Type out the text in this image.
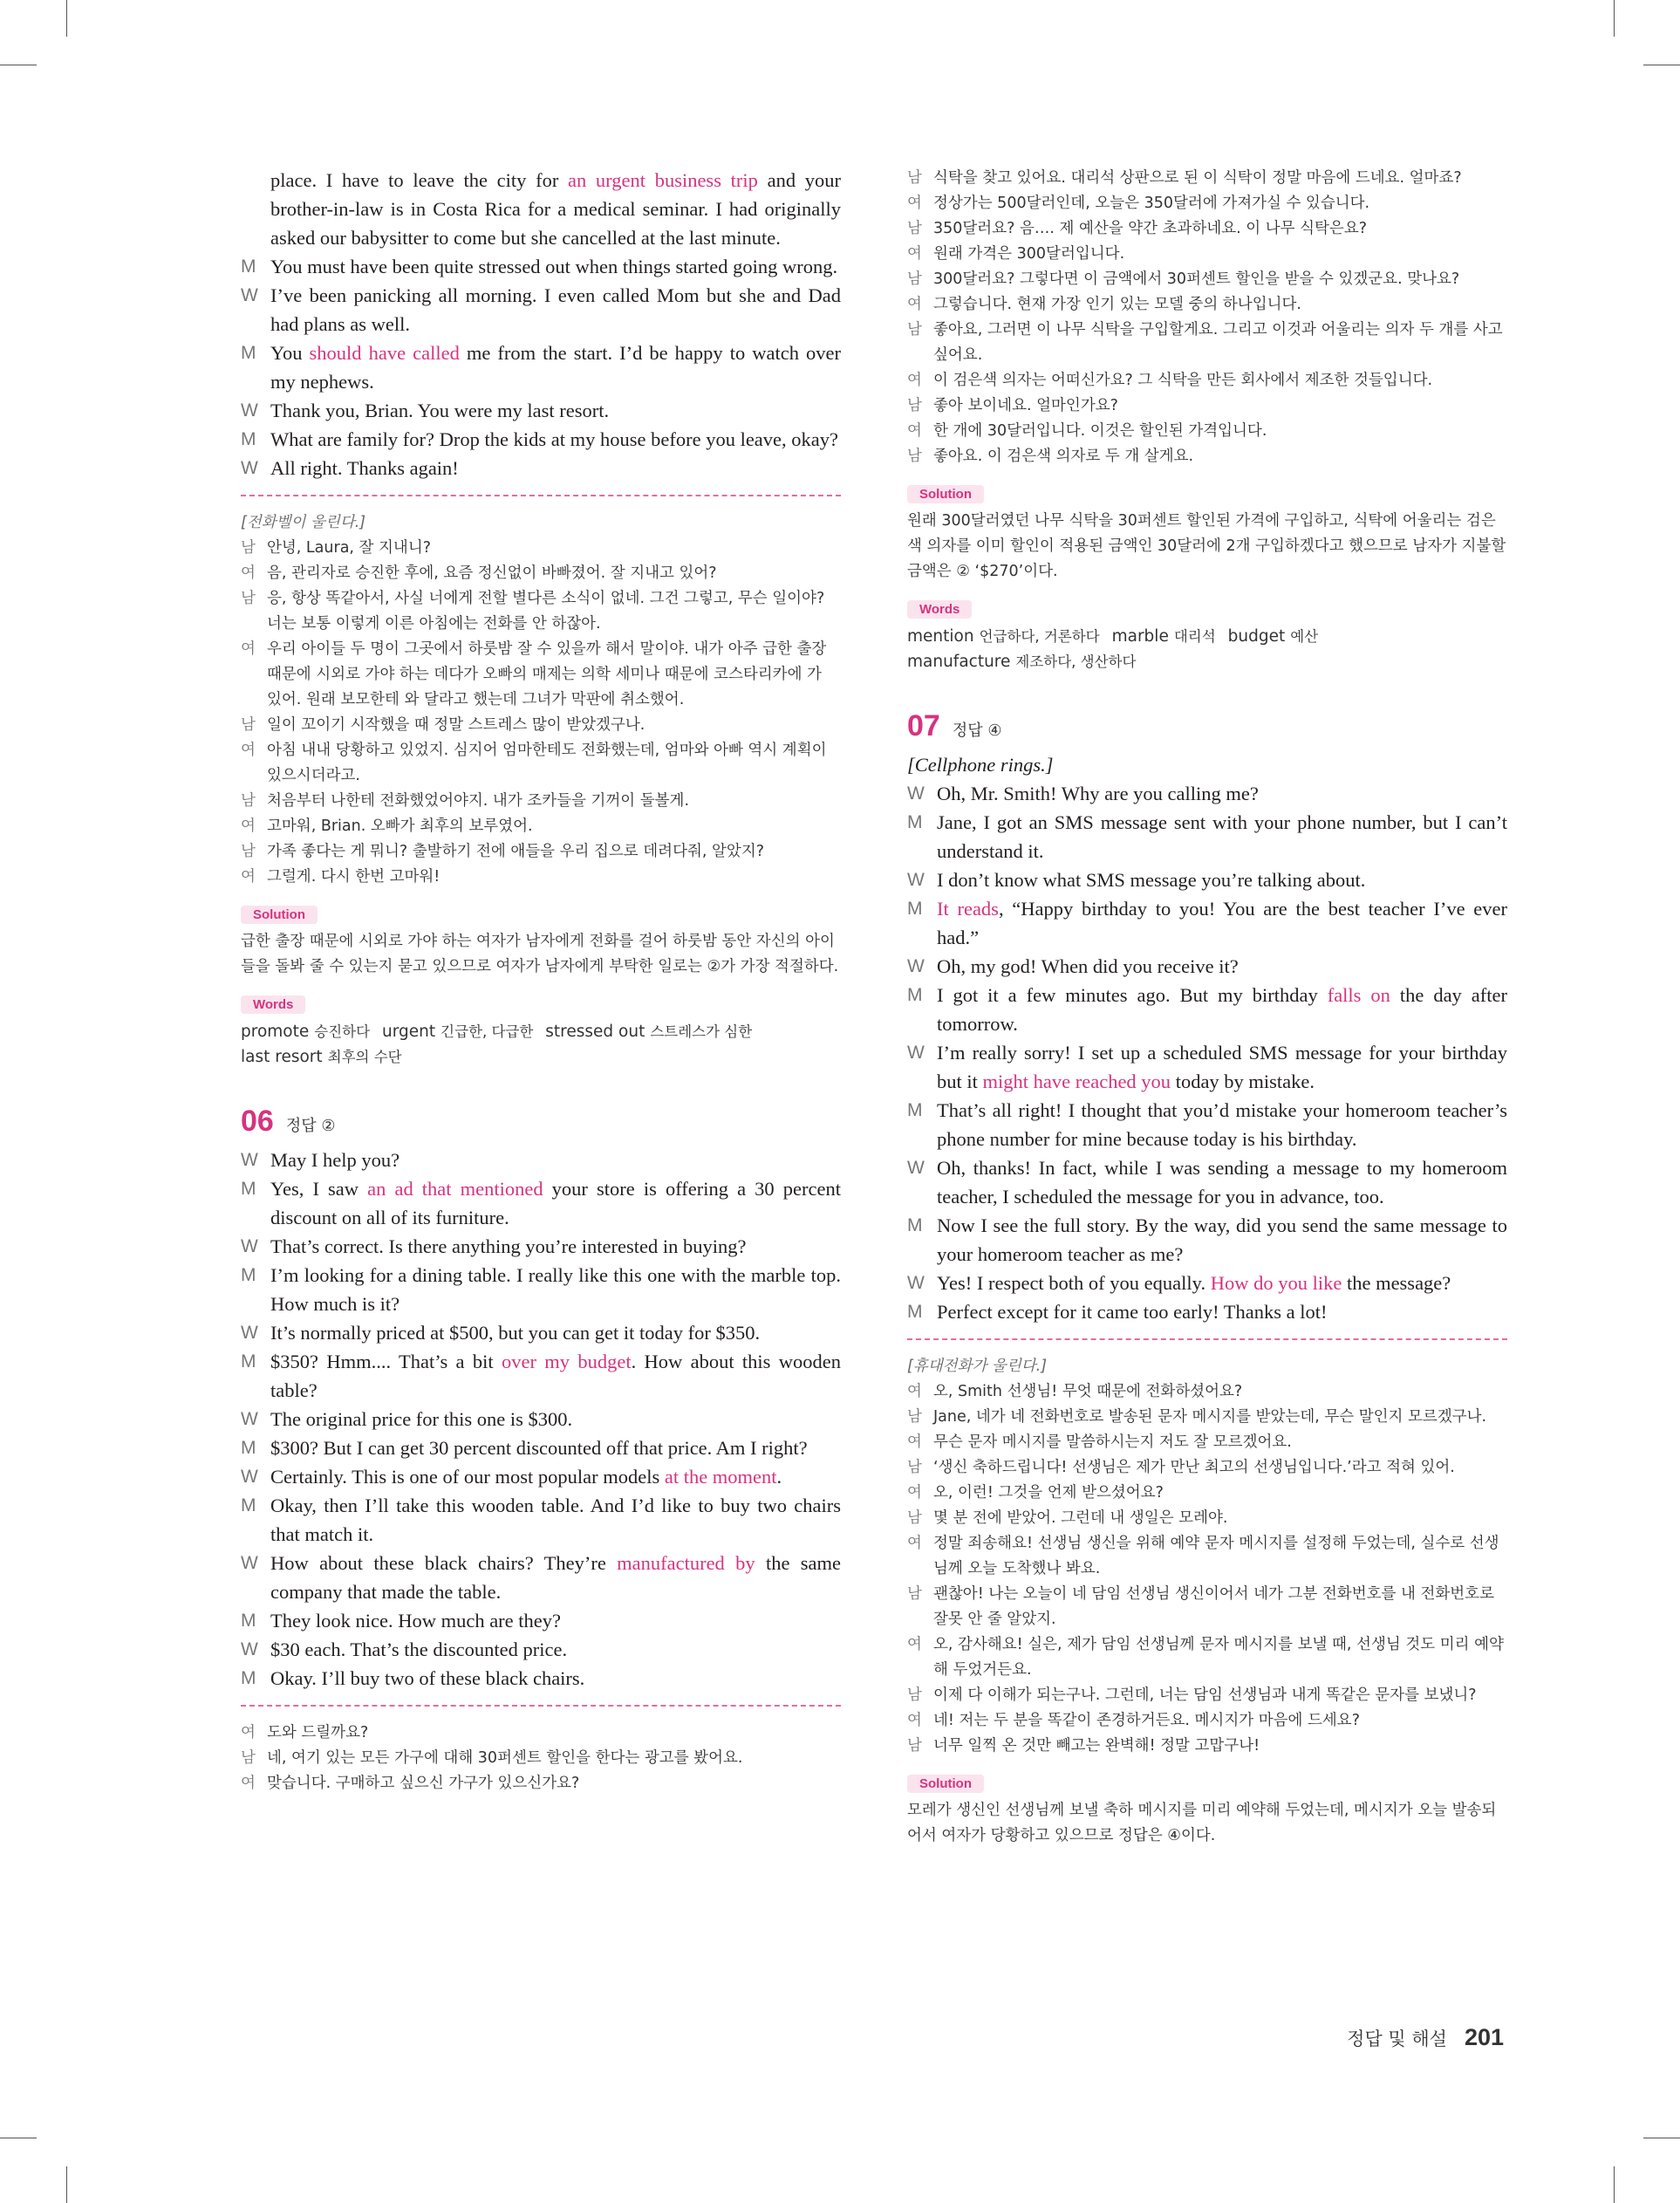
place. I have to leave the city for an urgent business trip and your brother-in-law is in Costa Rica for a medical seminar. I had originally asked our babysitter to come but she cancelled at the last minute.
M You must have been quite stressed out when things started going wrong.
W I’ve been panicking all morning. I even called Mom but she and Dad had plans as well.
M You should have called me from the start. I’d be happy to watch over my nephews.
W Thank you, Brian. You were my last resort.
M What are family for? Drop the kids at my house before you leave, okay?
W All right. Thanks again!
[전화벨이 울린다.]
남 안녕, Laura, 잘 지내니?
여 음, 관리자로 승진한 후에, 요즘 정신없이 바빠졌어. 잘 지내고 있어?
남 응, 항상 똑같아서, 사실 너에게 전할 별다른 소식이 없네. 그건 그렇고, 무슨 일이야? 너는 보통 이렇게 이른 아침에는 전화를 안 하잖아.
여 우리 아이들 두 명이 그곳에서 하룻밤 잘 수 있을까 해서 말이야. 내가 아주 급한 출장 때문에 시외로 가야 하는 데다가 오빠의 매제는 의학 세미나 때문에 코스타리카에 가 있어. 원래 보모한테 와 달라고 했는데 그녀가 막판에 취소했어.
남 일이 꼬이기 시작했을 때 정말 스트레스 많이 받았겠구나.
여 아침 내내 당황하고 있었지. 심지어 엄마한테도 전화했는데, 엄마와 아빠 역시 계획이 있으시더라고.
남 처음부터 나한테 전화했었어야지. 내가 조카들을 기꺼이 돌볼게.
여 고마워, Brian. 오빠가 최후의 보루였어.
남 가족 좋다는 게 뭐니? 출발하기 전에 애들을 우리 집으로 데려다줘, 알았지?
여 그럴게. 다시 한번 고마워!
Solution
급한 출장 때문에 시외로 가야 하는 여자가 남자에게 전화를 걸어 하룻밤 동안 자신의 아이들을 돌봐 줄 수 있는지 묻고 있으므로 여자가 남자에게 부탁한 일로는 ②가 가장 적절하다.
Words
promote 승진하다 urgent 긴급한, 다급한 stressed out 스트레스가 심한
last resort 최후의 수단
06 정답 ②
W May I help you?
M Yes, I saw an ad that mentioned your store is offering a 30 percent discount on all of its furniture.
W That’s correct. Is there anything you’re interested in buying?
M I’m looking for a dining table. I really like this one with the marble top. How much is it?
W It’s normally priced at $500, but you can get it today for $350.
M $350? Hmm.... That’s a bit over my budget. How about this wooden table?
W The original price for this one is $300.
M $300? But I can get 30 percent discounted off that price. Am I right?
W Certainly. This is one of our most popular models at the moment.
M Okay, then I’ll take this wooden table. And I’d like to buy two chairs that match it.
W How about these black chairs? They’re manufactured by the same company that made the table.
M They look nice. How much are they?
W $30 each. That’s the discounted price.
M Okay. I’ll buy two of these black chairs.
여 도와 드릴까요?
남 네, 여기 있는 모든 가구에 대해 30퍼센트 할인을 한다는 광고를 봤어요.
여 맞습니다. 구매하고 싶으신 가구가 있으신가요?
남 식탁을 찾고 있어요. 대리석 상판으로 된 이 식탁이 정말 마음에 드네요. 얼마죠?
여 정상가는 500달러인데, 오늘은 350달러에 가져가실 수 있습니다.
남 350달러요? 음…. 제 예산을 약간 초과하네요. 이 나무 식탁은요?
여 원래 가격은 300달러입니다.
남 300달러요? 그렇다면 이 금액에서 30퍼센트 할인을 받을 수 있겠군요. 맞나요?
여 그렇습니다. 현재 가장 인기 있는 모델 중의 하나입니다.
남 좋아요, 그러면 이 나무 식탁을 구입할게요. 그리고 이것과 어울리는 의자 두 개를 사고 싶어요.
여 이 검은색 의자는 어떠신가요? 그 식탁을 만든 회사에서 제조한 것들입니다.
남 좋아 보이네요. 얼마인가요?
여 한 개에 30달러입니다. 이것은 할인된 가격입니다.
남 좋아요. 이 검은색 의자로 두 개 살게요.
Solution
원래 300달러였던 나무 식탁을 30퍼센트 할인된 가격에 구입하고, 식탁에 어울리는 검은색 의자를 이미 할인이 적용된 금액인 30달러에 2개 구입하겠다고 했으므로 남자가 지불할 금액은 ② ‘$270’이다.
Words
mention 언급하다, 거론하다 marble 대리석 budget 예산
manufacture 제조하다, 생산하다
07 정답 ④
[Cellphone rings.]
W Oh, Mr. Smith! Why are you calling me?
M Jane, I got an SMS message sent with your phone number, but I can’t understand it.
W I don’t know what SMS message you’re talking about.
M It reads, “Happy birthday to you! You are the best teacher I’ve ever had.”
W Oh, my god! When did you receive it?
M I got it a few minutes ago. But my birthday falls on the day after tomorrow.
W I’m really sorry! I set up a scheduled SMS message for your birthday but it might have reached you today by mistake.
M That’s all right! I thought that you’d mistake your homeroom teacher’s phone number for mine because today is his birthday.
W Oh, thanks! In fact, while I was sending a message to my homeroom teacher, I scheduled the message for you in advance, too.
M Now I see the full story. By the way, did you send the same message to your homeroom teacher as me?
W Yes! I respect both of you equally. How do you like the message?
M Perfect except for it came too early! Thanks a lot!
[휴대전화가 울린다.]
여 오, Smith 선생님! 무엇 때문에 전화하셨어요?
남 Jane, 네가 네 전화번호로 발송된 문자 메시지를 받았는데, 무슨 말인지 모르겠구나.
여 무슨 문자 메시지를 말씀하시는지 저도 잘 모르겠어요.
남 ‘생신 축하드립니다! 선생님은 제가 만난 최고의 선생님입니다.’라고 적혀 있어.
여 오, 이런! 그것을 언제 받으셨어요?
남 몇 분 전에 받았어. 그런데 내 생일은 모레야.
여 정말 죄송해요! 선생님 생신을 위해 예약 문자 메시지를 설정해 두었는데, 실수로 선생님께 오늘 도착했나 봐요.
남 괜찮아! 나는 오늘이 네 담임 선생님 생신이어서 네가 그분 전화번호를 내 전화번호로 잘못 안 줄 알았지.
여 오, 감사해요! 실은, 제가 담임 선생님께 문자 메시지를 보낼 때, 선생님 것도 미리 예약해 두었거든요.
남 이제 다 이해가 되는구나. 그런데, 너는 담임 선생님과 내게 똑같은 문자를 보냈니?
여 네! 저는 두 분을 똑같이 존경하거든요. 메시지가 마음에 드세요?
남 너무 일찍 온 것만 빼고는 완벽해! 정말 고맙구나!
Solution
모레가 생신인 선생님께 보낼 축하 메시지를 미리 예약해 두었는데, 메시지가 오늘 발송되어서 여자가 당황하고 있으므로 정답은 ④이다.
정답 및 해설 201
